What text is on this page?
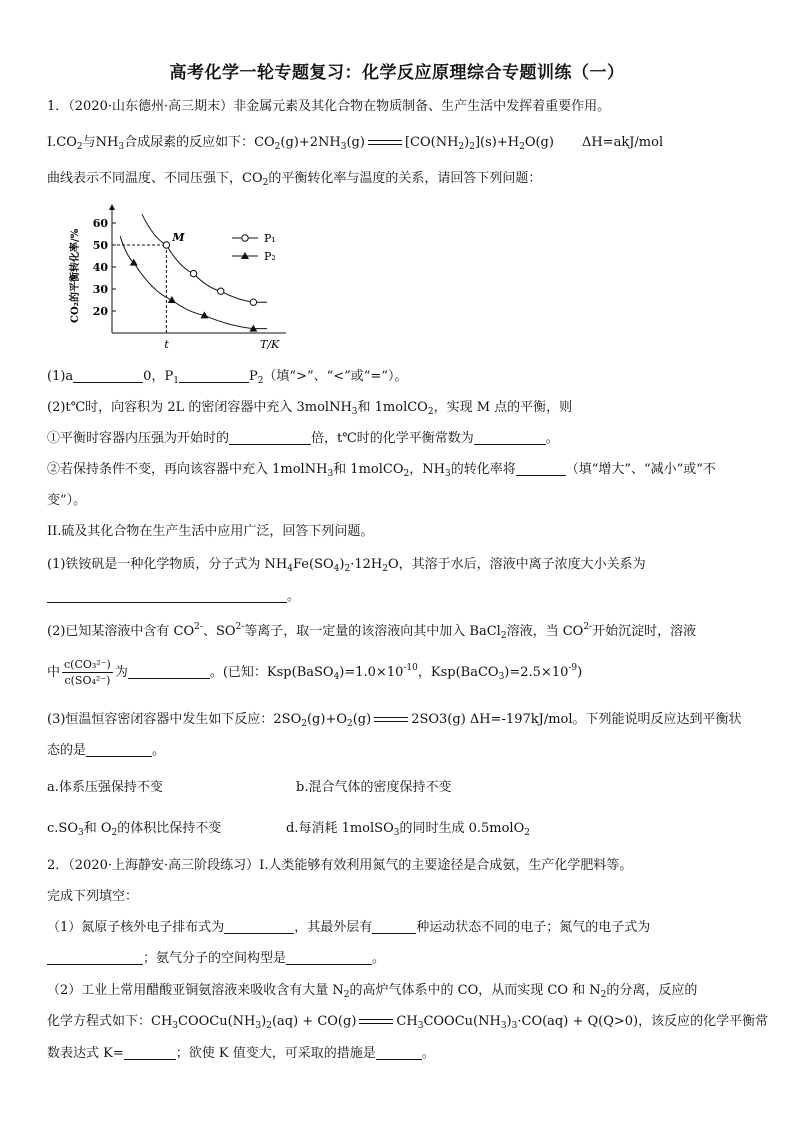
高考化学一轮专题复习：化学反应原理综合专题训练（一）
1．（2020·山东德州·高三期末）非金属元素及其化合物在物质制备、生产生活中发挥着重要作用。
$I.CO_2$与$NH_3$合成尿素的反应如下：$CO_2(g)+2NH_3(g)$	$[CO(NH_2)_2](s)+H_2O(g)$ ΔH=akJ/mol
曲线表示不同温度、不同压强下，$CO_2$的平衡转化率与温度的关系，请回答下列问题：
20
30
40
50
60
CO₂的平衡转化率/%
T/K
t
M	P₁
P₂
(1)a	0，$P_1$	$P_2$（填“>”、“<”或“=”）。
(2)t℃时，向容积为 2L 的密闭容器中充入 3molNH$_3$和 1molCO$_2$，实现 M 点的平衡，则
①平衡时容器内压强为开始时的	倍，t℃时的化学平衡常数为	。
②若保持条件不变，再向该容器中充入 1molNH$_3$和 1molCO$_2$，$NH_3$的转化率将	（填“增大”、“减小”或“不
变”）。
II.硫及其化合物在生产生活中应用广泛，回答下列问题。
(1)铁铵矾是一种化学物质，分子式为 $NH_4Fe(SO_4)_2\cdot 12H_2O$，其溶于水后，溶液中离子浓度大小关系为
。
(2)已知某溶液中含有 $CO^{2-}$、$SO^{2-}$等离子，取一定量的该溶液向其中加入 BaCl$_2$溶液，当 $CO^{2-}$开始沉淀时，溶液
中 $\frac{\text{c(CO₃²⁻)}}{\text{c(SO₄²⁻)}}$ 为	。(已知：$Ksp(BaSO_4)=1.0\times 10^{-10}$，$Ksp(BaCO_3)=2.5\times 10^{-9}$)
(3)恒温恒容密闭容器中发生如下反应：$2SO_2(g)+O_2(g)$	2SO3(g) ΔH=-197kJ/mol。下列能说明反应达到平衡状
态的是	。
a.体系压强保持不变	b.混合气体的密度保持不变
$c.SO_3$和 $O_2$的体积比保持不变	d.每消耗 1molSO$_3$的同时生成 0.5molO$_2$
2．（2020·上海静安·高三阶段练习）I.人类能够有效利用氮气的主要途径是合成氨，生产化学肥料等。
完成下列填空：
（1）氮原子核外电子排布式为	，其最外层有	种运动状态不同的电子；氮气的电子式为
；氨气分子的空间构型是	。
（2）工业上常用醋酸亚铜氨溶液来吸收含有大量 $N_2$的高炉气体系中的 CO，从而实现 CO 和 $N_2$的分离，反应的
化学方程式如下：$CH_3COOCu(NH_3)_2(aq) + CO(g)$	$CH_3COOCu(NH_3)_3\cdot CO(aq) + Q(Q>0)$，该反应的化学平衡常
数表达式 K=	；欲使 K 值变大，可采取的措施是	。
